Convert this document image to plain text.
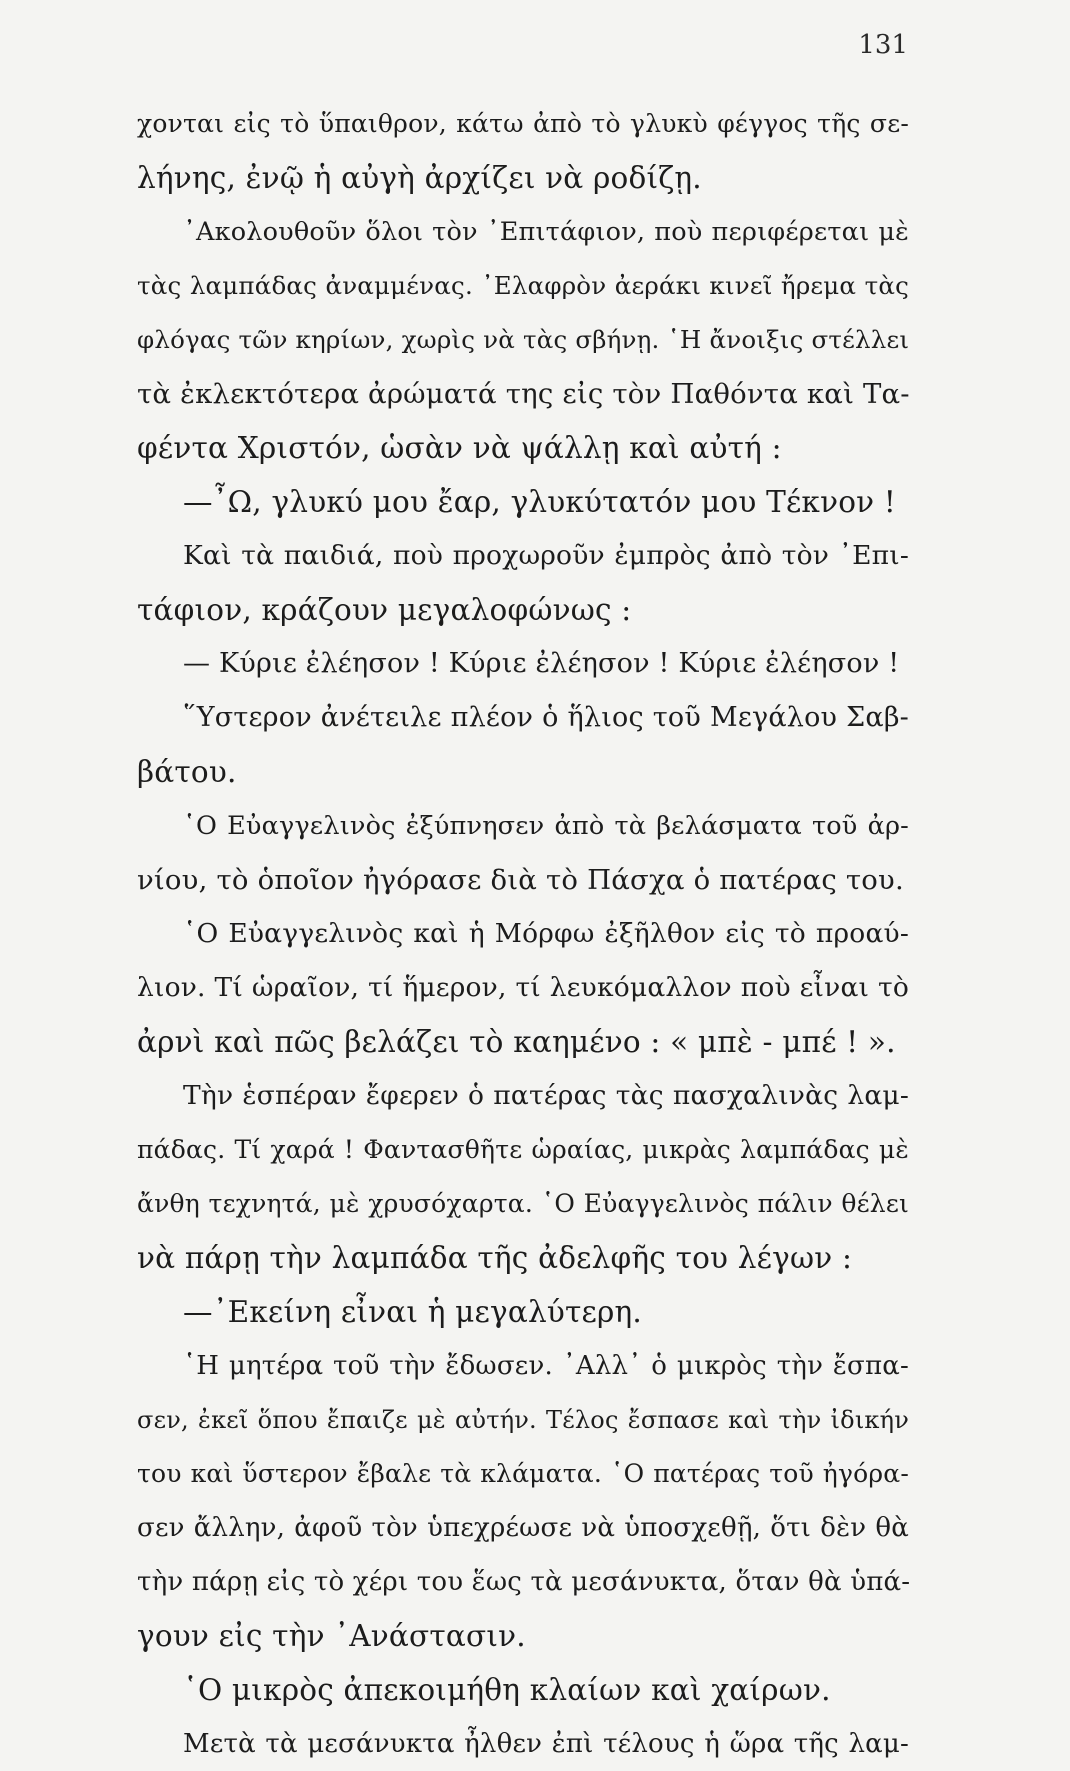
131
χονται εἰς τὸ ὕπαιθρον, κάτω ἀπὸ τὸ γλυκὺ φέγγος τῆς σε-
λήνης, ἐνῷ ἡ αὐγὴ ἀρχίζει νὰ ροδίζῃ.
᾿Ακολουθοῦν ὅλοι τὸν ᾿Επιτάφιον, ποὺ περιφέρεται μὲ
τὰς λαμπάδας ἀναμμένας. ᾿Ελαφρὸν ἀεράκι κινεῖ ἤρεμα τὰς
φλόγας τῶν κηρίων, χωρὶς νὰ τὰς σβήνῃ. ῾Η ἄνοιξις στέλλει
τὰ ἐκλεκτότερα ἀρώματά της εἰς τὸν Παθόντα καὶ Τα-
φέντα Χριστόν, ὡσὰν νὰ ψάλλῃ καὶ αὐτή :
—῏Ω, γλυκύ μου ἔαρ, γλυκύτατόν μου Τέκνον !
Καὶ τὰ παιδιά, ποὺ προχωροῦν ἐμπρὸς ἀπὸ τὸν ᾿Επι-
τάφιον, κράζουν μεγαλοφώνως :
— Κύριε ἐλέησον ! Κύριε ἐλέησον ! Κύριε ἐλέησον !
῞Υστερον ἀνέτειλε πλέον ὁ ἥλιος τοῦ Μεγάλου Σαβ-
βάτου.
῾Ο Εὐαγγελινὸς ἐξύπνησεν ἀπὸ τὰ βελάσματα τοῦ ἀρ-
νίου, τὸ ὁποῖον ἠγόρασε διὰ τὸ Πάσχα ὁ πατέρας του.
῾Ο Εὐαγγελινὸς καὶ ἡ Μόρφω ἐξῆλθον εἰς τὸ προαύ-
λιον. Τί ὡραῖον, τί ἥμερον, τί λευκόμαλλον ποὺ εἶναι τὸ
ἀρνὶ καὶ πῶς βελάζει τὸ καημένο : « μπὲ - μπέ ! ».
Τὴν ἑσπέραν ἔφερεν ὁ πατέρας τὰς πασχαλινὰς λαμ-
πάδας. Τί χαρά ! Φαντασθῆτε ὡραίας, μικρὰς λαμπάδας μὲ
ἄνθη τεχνητά, μὲ χρυσόχαρτα. ῾Ο Εὐαγγελινὸς πάλιν θέλει
νὰ πάρῃ τὴν λαμπάδα τῆς ἀδελφῆς του λέγων :
—᾿Εκείνη εἶναι ἡ μεγαλύτερη.
῾Η μητέρα τοῦ τὴν ἔδωσεν. ᾿Αλλ᾿ ὁ μικρὸς τὴν ἔσπα-
σεν, ἐκεῖ ὅπου ἔπαιζε μὲ αὐτήν. Τέλος ἔσπασε καὶ τὴν ἰδικήν
του καὶ ὕστερον ἔβαλε τὰ κλάματα. ῾Ο πατέρας τοῦ ἠγόρα-
σεν ἄλλην, ἀφοῦ τὸν ὑπεχρέωσε νὰ ὑποσχεθῇ, ὅτι δὲν θὰ
τὴν πάρῃ εἰς τὸ χέρι του ἕως τὰ μεσάνυκτα, ὅταν θὰ ὑπά-
γουν εἰς τὴν ᾿Ανάστασιν.
῾Ο μικρὸς ἀπεκοιμήθη κλαίων καὶ χαίρων.
Μετὰ τὰ μεσάνυκτα ἦλθεν ἐπὶ τέλους ἡ ὥρα τῆς λαμ-
